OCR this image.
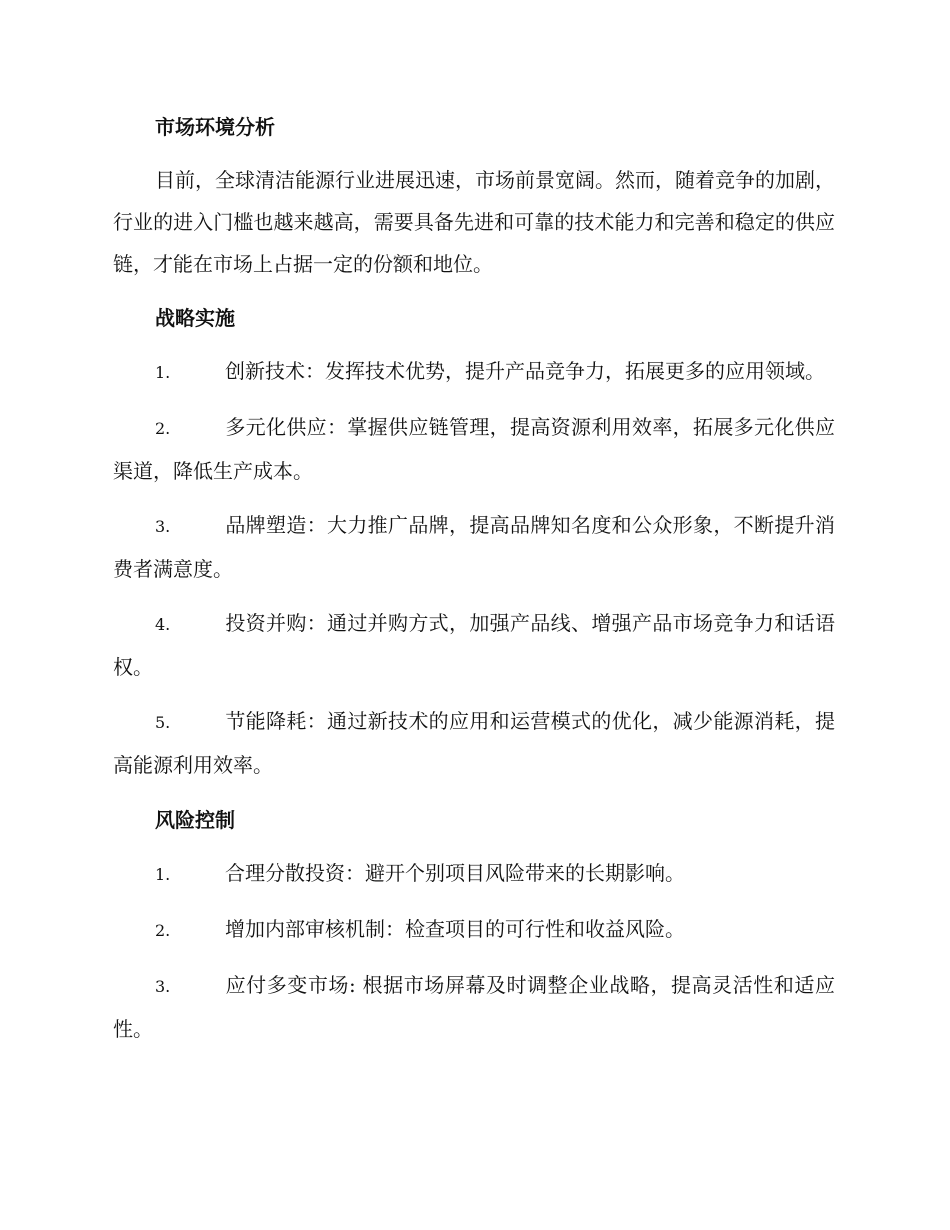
市场环境分析

目前，全球清洁能源行业进展迅速，市场前景宽阔。然而，随着竞争的加剧，行业的进入门槛也越来越高，需要具备先进和可靠的技术能力和完善和稳定的供应链，才能在市场上占据一定的份额和地位。

战略实施
1.	创新技术：发挥技术优势，提升产品竞争力，拓展更多的应用领域。
2.	多元化供应：掌握供应链管理，提高资源利用效率，拓展多元化供应渠道，降低生产成本。
3.	品牌塑造：大力推广品牌，提高品牌知名度和公众形象，不断提升消费者满意度。
4.	投资并购：通过并购方式，加强产品线、增强产品市场竞争力和话语权。
5.	节能降耗：通过新技术的应用和运营模式的优化，减少能源消耗，提高能源利用效率。
风险控制
1.	合理分散投资：避开个别项目风险带来的长期影响。
2.	增加内部审核机制：检查项目的可行性和收益风险。
3.	应付多变市场: 根据市场屏幕及时调整企业战略，提高灵活性和适应性。
